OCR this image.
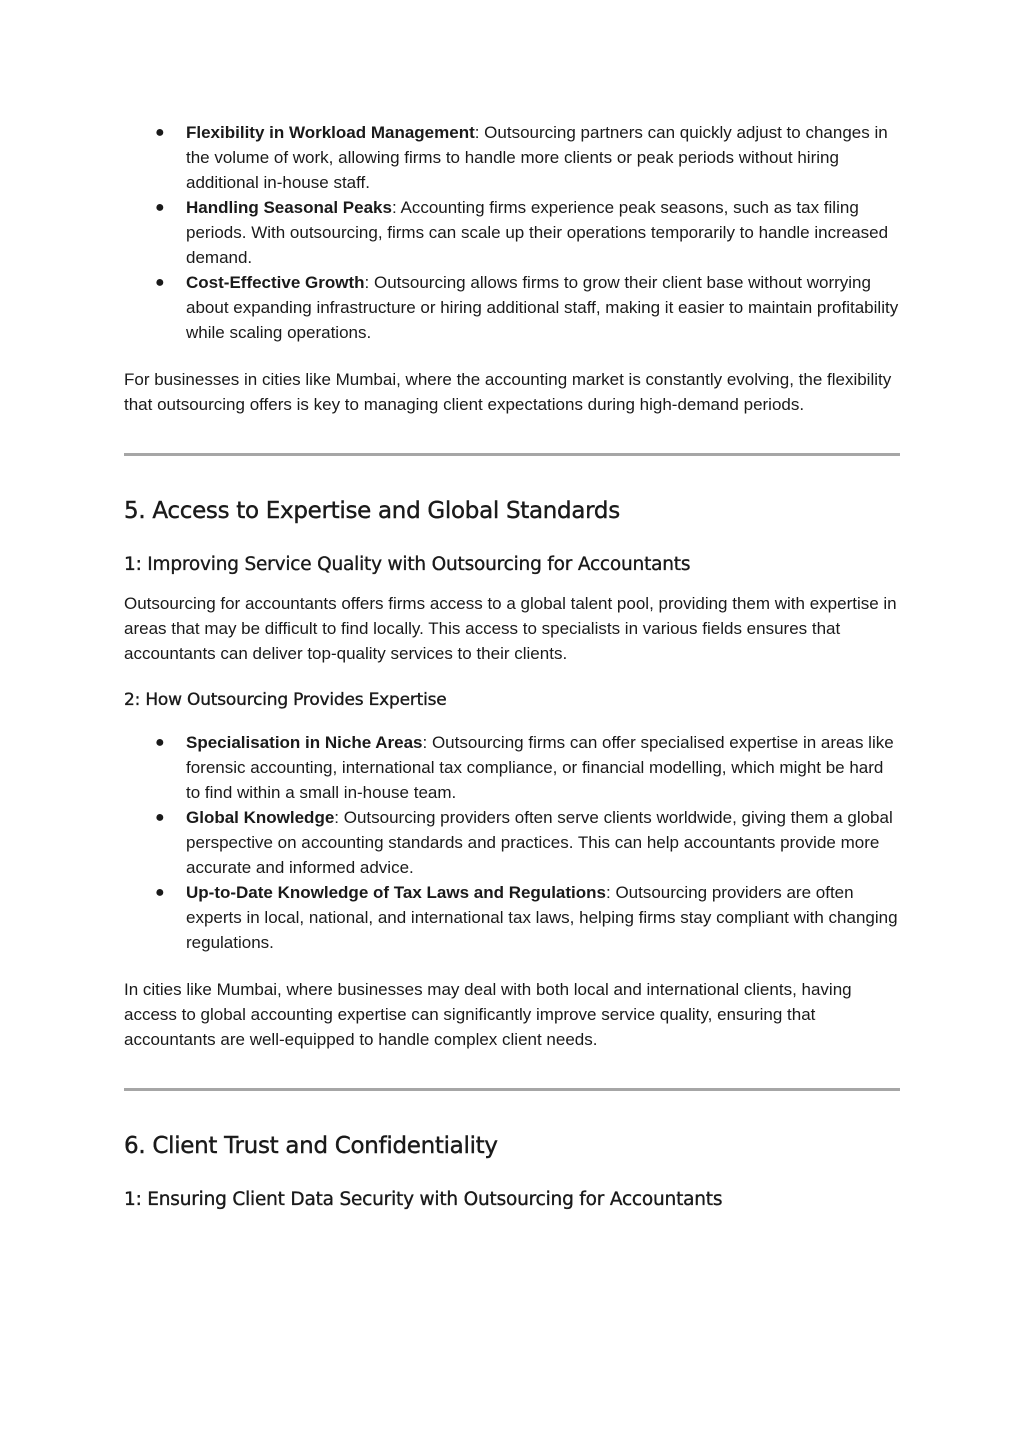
● Flexibility in Workload Management: Outsourcing partners can quickly adjust to changes in the volume of work, allowing firms to handle more clients or peak periods without hiring additional in-house staff.
● Handling Seasonal Peaks: Accounting firms experience peak seasons, such as tax filing periods. With outsourcing, firms can scale up their operations temporarily to handle increased demand.
● Cost-Effective Growth: Outsourcing allows firms to grow their client base without worrying about expanding infrastructure or hiring additional staff, making it easier to maintain profitability while scaling operations.

For businesses in cities like Mumbai, where the accounting market is constantly evolving, the flexibility that outsourcing offers is key to managing client expectations during high-demand periods.

5. Access to Expertise and Global Standards
1: Improving Service Quality with Outsourcing for Accountants

Outsourcing for accountants offers firms access to a global talent pool, providing them with expertise in areas that may be difficult to find locally. This access to specialists in various fields ensures that accountants can deliver top-quality services to their clients.

2: How Outsourcing Provides Expertise
● Specialisation in Niche Areas: Outsourcing firms can offer specialised expertise in areas like forensic accounting, international tax compliance, or financial modelling, which might be hard to find within a small in-house team.
● Global Knowledge: Outsourcing providers often serve clients worldwide, giving them a global perspective on accounting standards and practices. This can help accountants provide more accurate and informed advice.
● Up-to-Date Knowledge of Tax Laws and Regulations: Outsourcing providers are often experts in local, national, and international tax laws, helping firms stay compliant with changing regulations.

In cities like Mumbai, where businesses may deal with both local and international clients, having access to global accounting expertise can significantly improve service quality, ensuring that accountants are well-equipped to handle complex client needs.

6. Client Trust and Confidentiality
1: Ensuring Client Data Security with Outsourcing for Accountants
